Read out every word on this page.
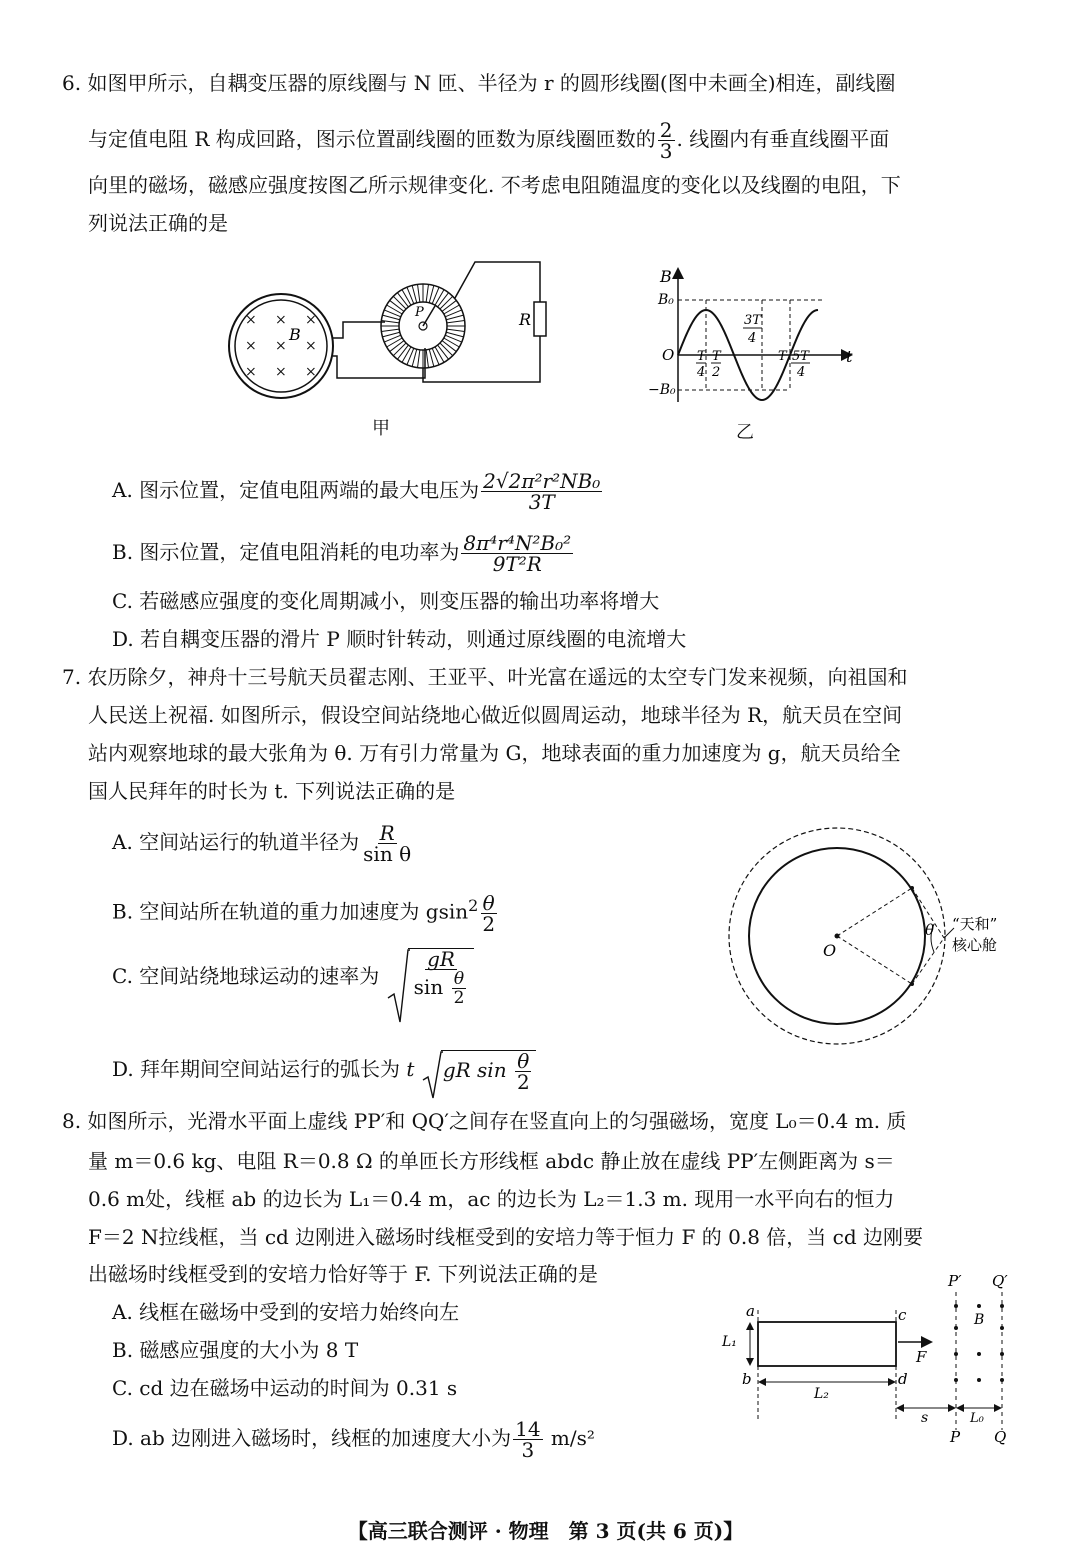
6. 如图甲所示，自耦变压器的原线圈与 N 匝、半径为 r 的圆形线圈(图中未画全)相连，副线圈
与定值电阻 R 构成回路，图示位置副线圈的匝数为原线圈匝数的 $\frac{2}{3}$ . 线圈内有垂直线圈平面
向里的磁场，磁感应强度按图乙所示规律变化. 不考虑电阻随温度的变化以及线圈的电阻，下
列说法正确的是
× × ×
× × ×
× × ×
B
P	R
甲
B
t
O
B₀
−B₀
T
4
T
2
3T
4
T 5T
4
乙
A. 图示位置，定值电阻两端的最大电压为 $\frac{\text{2√2π²r²NB₀}}{3T}$
B. 图示位置，定值电阻消耗的电功率为 $\frac{\text{8π⁴r⁴N²B₀²}}{\text{9T²R}}$
C. 若磁感应强度的变化周期减小，则变压器的输出功率将增大
D. 若自耦变压器的滑片 P 顺时针转动，则通过原线圈的电流增大
7. 农历除夕，神舟十三号航天员翟志刚、王亚平、叶光富在遥远的太空专门发来视频，向祖国和
人民送上祝福. 如图所示，假设空间站绕地心做近似圆周运动，地球半径为 R，航天员在空间
站内观察地球的最大张角为 θ. 万有引力常量为 G，地球表面的重力加速度为 g，航天员给全
国人民拜年的时长为 t. 下列说法正确的是
A. 空间站运行的轨道半径为 $\frac{R}{\text{sin θ}}$
B. 空间站所在轨道的重力加速度为 $gsin^2 \frac{\theta}{2}$
C. 空间站绕地球运动的速率为 $\frac{gR}{\sin \frac{\theta}{2}}$
D. 拜年期间空间站运行的弧长为 t gR $\sin \frac{\theta}{2}$
O
θ “天和”
核心舱
8. 如图所示，光滑水平面上虚线 PP′和 QQ′之间存在竖直向上的匀强磁场，宽度 L₀＝0.4 m. 质
量 m＝0.6 kg、电阻 R＝0.8 Ω 的单匝长方形线框 abdc 静止放在虚线 PP′左侧距离为 s＝
0.6 m处，线框 ab 的边长为 L₁＝0.4 m，ac 的边长为 L₂＝1.3 m. 现用一水平向右的恒力
F＝2 N拉线框，当 cd 边刚进入磁场时线框受到的安培力等于恒力 F 的 0.8 倍，当 cd 边刚要
出磁场时线框受到的安培力恰好等于 F. 下列说法正确的是
A. 线框在磁场中受到的安培力始终向左
B. 磁感应强度的大小为 8 T
C. cd 边在磁场中运动的时间为 0.31 s
D. ab 边刚进入磁场时，线框的加速度大小为 $\frac{14}{3} m/s^2$
a
b
c
d
L₁
L₂
F
B
P′ Q′
P Q
s	L₀
【高三联合测评 · 物理　第 3 页(共 6 页)】
